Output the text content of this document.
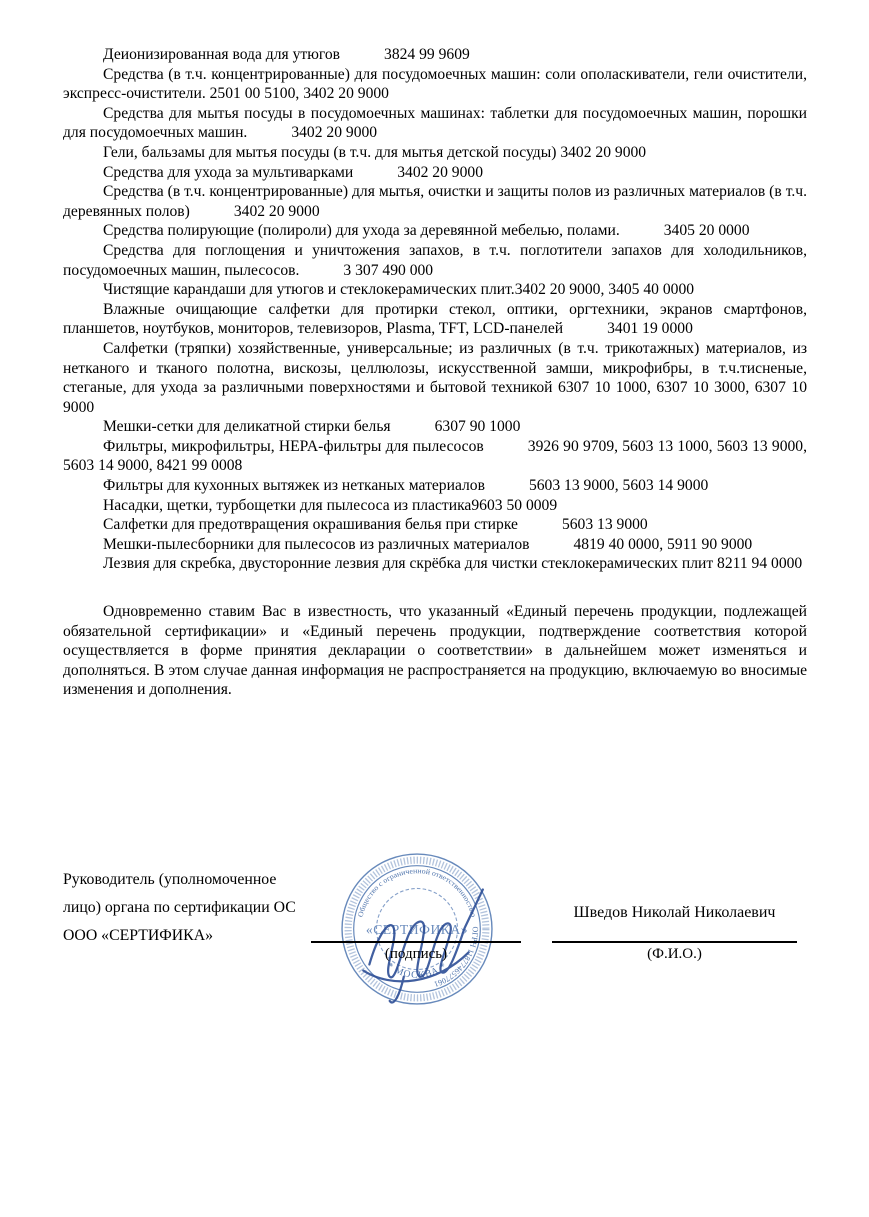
Деионизированная вода для утюгов	3824 99 9609

Средства (в т.ч. концентрированные) для посудомоечных машин: соли ополаскиватели, гели очистители, экспресс-очистители. 2501 00 5100, 3402 20 9000

Средства для мытья посуды в посудомоечных машинах: таблетки для посудомоечных машин, порошки для посудомоечных машин.	3402 20 9000

Гели, бальзамы для мытья посуды (в т.ч. для мытья детской посуды) 3402 20 9000

Средства для ухода за мультиварками	3402 20 9000

Средства (в т.ч. концентрированные) для мытья, очистки и защиты полов из различных материалов (в т.ч. деревянных полов)	3402 20 9000

Средства полирующие (полироли) для ухода за деревянной мебелью, полами.	3405 20 0000

Средства для поглощения и уничтожения запахов, в т.ч. поглотители запахов для холодильников, посудомоечных машин, пылесосов.	3 307 490 000

Чистящие карандаши для утюгов и стеклокерамических плит.3402 20 9000, 3405 40 0000

Влажные очищающие салфетки для протирки стекол, оптики, оргтехники, экранов смартфонов, планшетов, ноутбуков, мониторов, телевизоров, Plasma, TFT, LCD-панелей	3401 19 0000

Салфетки (тряпки) хозяйственные, универсальные; из различных (в т.ч. трикотажных) материалов, из нетканого и тканого полотна, вискозы, целлюлозы, искусственной замши, микрофибры, в т.ч.тисненые, стеганые, для ухода за различными поверхностями и бытовой техникой 6307 10 1000, 6307 10 3000, 6307 10 9000

Мешки-сетки для деликатной стирки белья	6307 90 1000

Фильтры, микрофильтры, HEPA-фильтры для пылесосов	3926 90 9709, 5603 13 1000, 5603 13 9000, 5603 14 9000, 8421 99 0008

Фильтры для кухонных вытяжек из нетканых материалов	5603 13 9000, 5603 14 9000

Насадки, щетки, турбощетки для пылесоса из пластика9603 50 0009

Салфетки для предотвращения окрашивания белья при стирке	5603 13 9000

Мешки-пылесборники для пылесосов из различных материалов	4819 40 0000, 5911 90 9000

Лезвия для скребка, двусторонние лезвия для скрёбка для чистки стеклокерамических плит 8211 94 0000

Одновременно ставим Вас в известность, что указанный «Единый перечень продукции, подлежащей обязательной сертификации» и «Единый перечень продукции, подтверждение соответствия которой осуществляется в форме принятия декларации о соответствии» в дальнейшем может изменяться и дополняться. В этом случае данная информация не распространяется на продукцию, включаемую во вносимые изменения и дополнения.

Руководитель (уполномоченное лицо) органа по сертификации ОС ООО «СЕРТИФИКА»
Общество с ограниченной ответственностью
ОГРН 1187746577061
* МОСКВА *
«СЕРТИФИКА»
(подпись)
Шведов Николай Николаевич
(Ф.И.О.)
